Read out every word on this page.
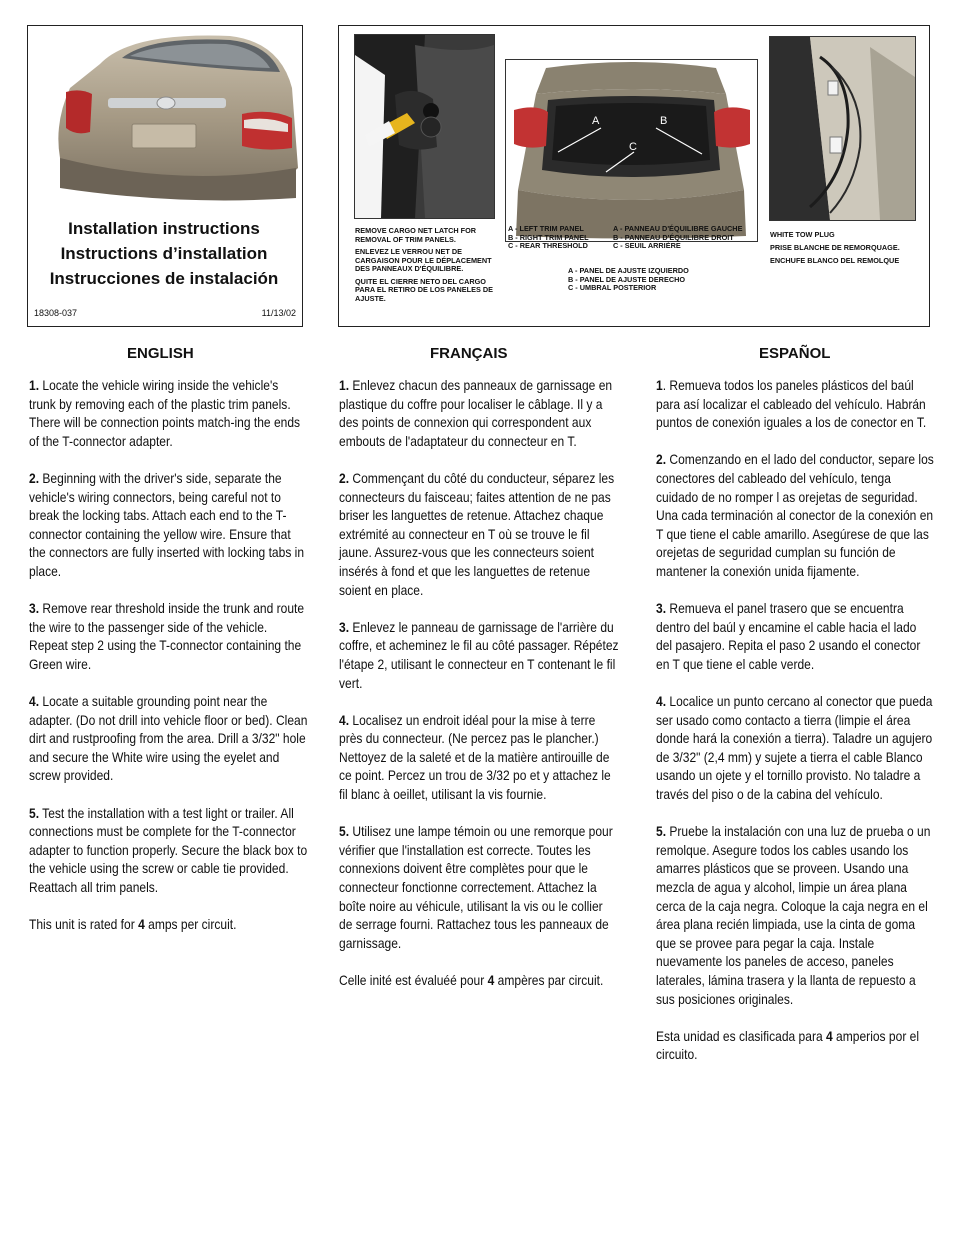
Installation instructions
Instructions d’installation
Instrucciones de instalación
18308-037	11/13/02
REMOVE CARGO NET LATCH FOR
REMOVAL OF TRIM PANELS.
ENLEVEZ LE VERROU NET DE
CARGAISON POUR LE DÉPLACEMENT
DES PANNEAUX D'ÉQUILIBRE.
QUITE EL CIERRE NETO DEL CARGO
PARA EL RETIRO DE LOS PANELES DE
AJUSTE.
A	B
C
A - LEFT TRIM PANEL
B - RIGHT TRIM PANEL
C - REAR THRESHOLD
A - PANNEAU D'ÉQUILIBRE GAUCHE
B - PANNEAU D'ÉQUILIBRE DROIT
C - SEUIL ARRIÈRE
A - PANEL DE AJUSTE IZQUIERDO
B - PANEL DE AJUSTE DERECHO
C - UMBRAL POSTERIOR
WHITE TOW PLUG
PRISE BLANCHE DE REMORQUAGE.
ENCHUFE BLANCO DEL REMOLQUE
ENGLISH	FRANÇAIS	ESPAÑOL

1. Locate the vehicle wiring inside the vehicle's trunk by removing each of the plastic trim panels. There will be connection points match-ing the ends of the T-connector adapter.

2. Beginning with the driver's side, separate the vehicle's wiring connectors, being careful not to break the locking tabs. Attach each end to the T-connector containing the yellow wire. Ensure that the connectors are fully inserted with locking tabs in place.

3. Remove rear threshold inside the trunk and route the wire to the passenger side of the vehicle. Repeat step 2 using the T-connector containing the Green wire.

4. Locate a suitable grounding point near the adapter. (Do not drill into vehicle floor or bed). Clean dirt and rustproofing from the area. Drill a 3/32" hole and secure the White wire using the eyelet and screw provided.

5. Test the installation with a test light or trailer. All connections must be complete for the T-connector adapter to function properly. Secure the black box to the vehicle using the screw or cable tie provided. Reattach all trim panels.

This unit is rated for 4 amps per circuit.

1. Enlevez chacun des panneaux de garnissage en plastique du coffre pour localiser le câblage. Il y a des points de connexion qui correspondent aux embouts de l'adaptateur du connecteur en T.

2. Commençant du côté du conducteur, séparez les connecteurs du faisceau; faites attention de ne pas briser les languettes de retenue. Attachez chaque extrémité au connecteur en T où se trouve le fil jaune. Assurez-vous que les connecteurs soient insérés à fond et que les languettes de retenue soient en place.

3. Enlevez le panneau de garnissage de l'arrière du coffre, et acheminez le fil au côté passager. Répétez l'étape 2, utilisant le connecteur en T contenant le fil vert.

4. Localisez un endroit idéal pour la mise à terre près du connecteur. (Ne percez pas le plancher.) Nettoyez de la saleté et de la matière antirouille de ce point. Percez un trou de 3/32 po et y attachez le fil blanc à oeillet, utilisant la vis fournie.

5. Utilisez une lampe témoin ou une remorque pour vérifier que l'installation est correcte. Toutes les connexions doivent être complètes pour que le connecteur fonctionne correctement. Attachez la boîte noire au véhicule, utilisant la vis ou le collier de serrage fourni. Rattachez tous les panneaux de garnissage.

Celle inité est évaluéé pour 4 ampères par circuit.

1. Remueva todos los paneles plásticos del baúl para así localizar el cableado del vehículo. Habrán puntos de conexión iguales a los de conector en T.

2. Comenzando en el lado del conductor, separe los conectores del cableado del vehículo, tenga cuidado de no romper l as orejetas de seguridad. Una cada terminación al conector de la conexión en T que tiene el cable amarillo. Asegúrese de que las orejetas de seguridad cumplan su función de mantener la conexión unida fijamente.

3. Remueva el panel trasero que se encuentra dentro del baúl y encamine el cable hacia el lado del pasajero. Repita el paso 2 usando el conector en T que tiene el cable verde.

4. Localice un punto cercano al conector que pueda ser usado como contacto a tierra (limpie el área donde hará la conexión a tierra). Taladre un agujero de 3/32" (2,4 mm) y sujete a tierra el cable Blanco usando un ojete y el tornillo provisto. No taladre a través del piso o de la cabina del vehículo.

5. Pruebe la instalación con una luz de prueba o un remolque. Asegure todos los cables usando los amarres plásticos que se proveen. Usando una mezcla de agua y alcohol, limpie un área plana cerca de la caja negra. Coloque la caja negra en el área plana recién limpiada, use la cinta de goma que se provee para pegar la caja. Instale nuevamente los paneles de acceso, paneles laterales, lámina trasera y la llanta de repuesto a sus posiciones originales.

Esta unidad es clasificada para 4 amperios por el circuito.
